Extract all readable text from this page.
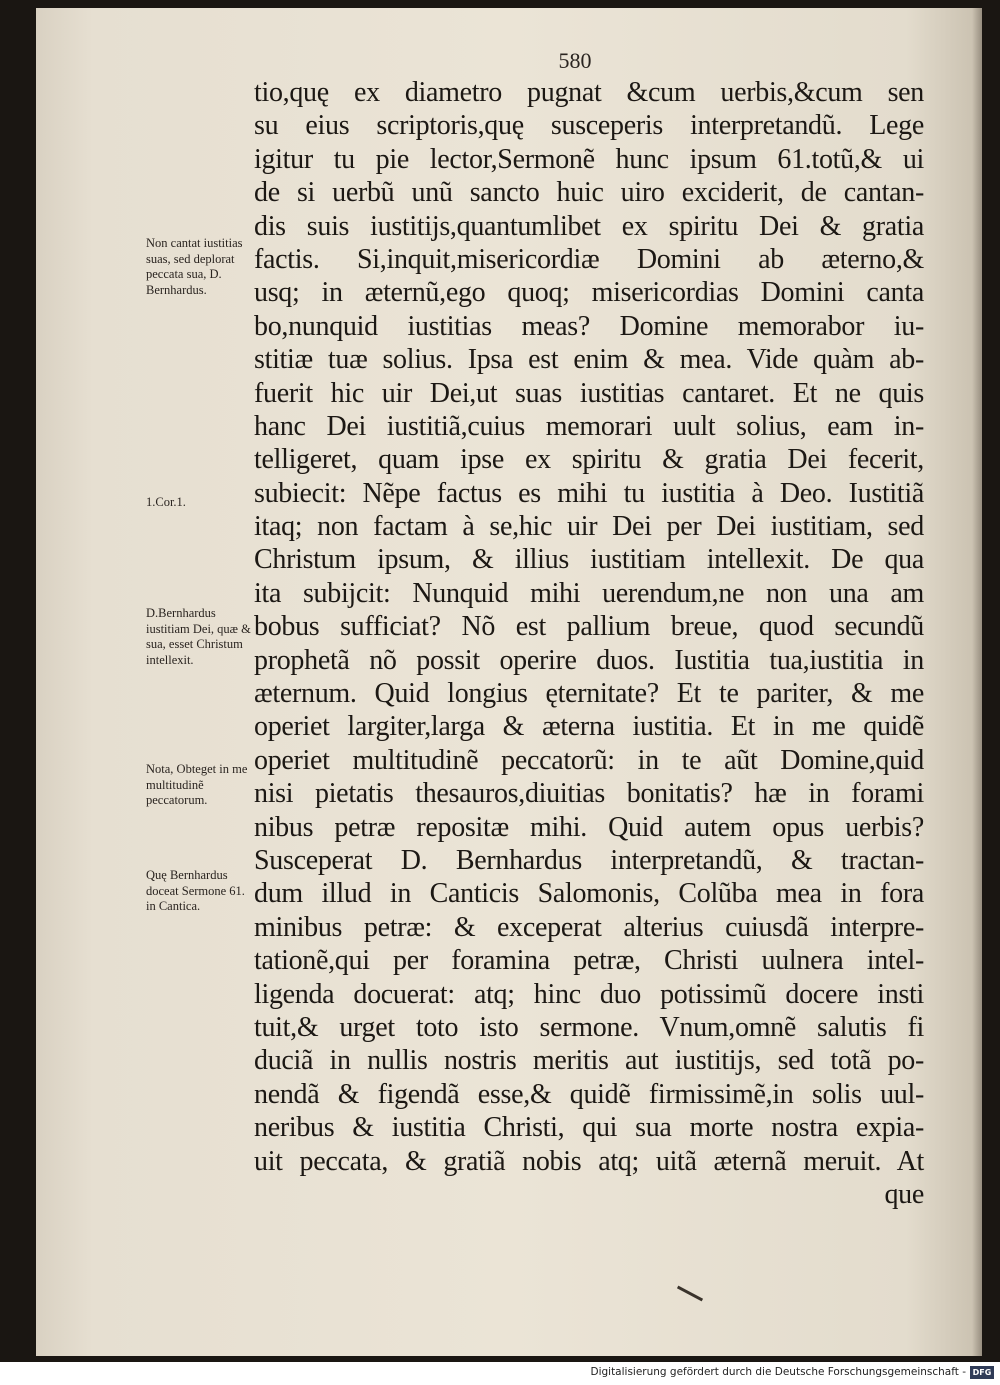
580
tio,quę ex diametro pugnat &cum uerbis,&cum sen
su eius scriptoris,quę susceperis interpretandũ. Lege
igitur tu pie lector,Sermonẽ hunc ipsum 61.totũ,& ui
de si uerbũ unũ sancto huic uiro exciderit, de cantan-
dis suis iustitijs,quantumlibet ex spiritu Dei & gratia
factis. Si,inquit,misericordiæ Domini ab æterno,&
usq; in æternũ,ego quoq; misericordias Domini canta
bo,nunquid iustitias meas? Domine memorabor iu-
stitiæ tuæ solius. Ipsa est enim & mea. Vide quàm ab-
fuerit hic uir Dei,ut suas iustitias cantaret. Et ne quis
hanc Dei iustitiã,cuius memorari uult solius, eam in-
telligeret, quam ipse ex spiritu & gratia Dei fecerit,
subiecit: Nẽpe factus es mihi tu iustitia à Deo. Iustitiã
itaq; non factam à se,hic uir Dei per Dei iustitiam, sed
Christum ipsum, & illius iustitiam intellexit. De qua
ita subijcit: Nunquid mihi uerendum,ne non una am
bobus sufficiat? Nõ est pallium breue, quod secundũ
prophetã nõ possit operire duos. Iustitia tua,iustitia in
æternum. Quid longius ęternitate? Et te pariter, & me
operiet largiter,larga & æterna iustitia. Et in me quidẽ
operiet multitudinẽ peccatorũ: in te aũt Domine,quid
nisi pietatis thesauros,diuitias bonitatis? hæ in forami
nibus petræ repositæ mihi. Quid autem opus uerbis?
Susceperat D. Bernhardus interpretandũ, & tractan-
dum illud in Canticis Salomonis, Colũba mea in fora
minibus petræ: & exceperat alterius cuiusdã interpre-
tationẽ,qui per foramina petræ, Christi uulnera intel-
ligenda docuerat: atq; hinc duo potissimũ docere insti
tuit,& urget toto isto sermone. Vnum,omnẽ salutis fi
duciã in nullis nostris meritis aut iustitijs, sed totã po-
nendã & figendã esse,& quidẽ firmissimẽ,in solis uul-
neribus & iustitia Christi, qui sua morte nostra expia-
uit peccata, & gratiã nobis atq; uitã æternã meruit. At
que
Non cantat iustitias suas, sed deplorat peccata sua, D. Bernhardus.
1.Cor.1.
D.Bernhardus iustitiam Dei, quæ & sua, esset Christum intellexit.
Nota, Obteget in me multitudinẽ peccatorum.
Quę Bernhardus doceat Sermone 61. in Cantica.
Digitalisierung gefördert durch die Deutsche Forschungsgemeinschaft - DFG
